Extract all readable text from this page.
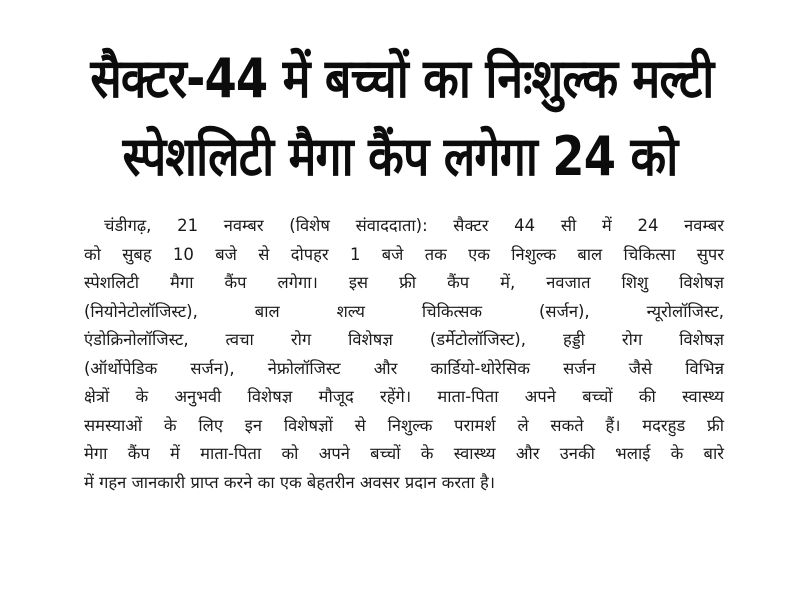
सैक्टर-44 में बच्चों का निःशुल्क मल्टी
स्पेशलिटी मैगा कैंप लगेगा 24 को
चंडीगढ़, 21 नवम्बर (विशेष संवाददाता): सैक्टर 44 सी में 24 नवम्बर
को सुबह 10 बजे से दोपहर 1 बजे तक एक निशुल्क बाल चिकित्सा सुपर
स्पेशलिटी मैगा कैंप लगेगा। इस फ्री कैंप में, नवजात शिशु विशेषज्ञ
(नियोनेटोलॉजिस्ट), बाल शल्य चिकित्सक (सर्जन), न्यूरोलॉजिस्ट,
एंडोक्रिनोलॉजिस्ट, त्वचा रोग विशेषज्ञ (डर्मेटोलॉजिस्ट), हड्डी रोग विशेषज्ञ
(ऑर्थोपेडिक सर्जन), नेफ्रोलॉजिस्ट और कार्डियो-थोरेसिक सर्जन जैसे विभिन्न
क्षेत्रों के अनुभवी विशेषज्ञ मौजूद रहेंगे। माता-पिता अपने बच्चों की स्वास्थ्य
समस्याओं के लिए इन विशेषज्ञों से निशुल्क परामर्श ले सकते हैं। मदरहुड फ्री
मेगा कैंप में माता-पिता को अपने बच्चों के स्वास्थ्य और उनकी भलाई के बारे
में गहन जानकारी प्राप्त करने का एक बेहतरीन अवसर प्रदान करता है।
